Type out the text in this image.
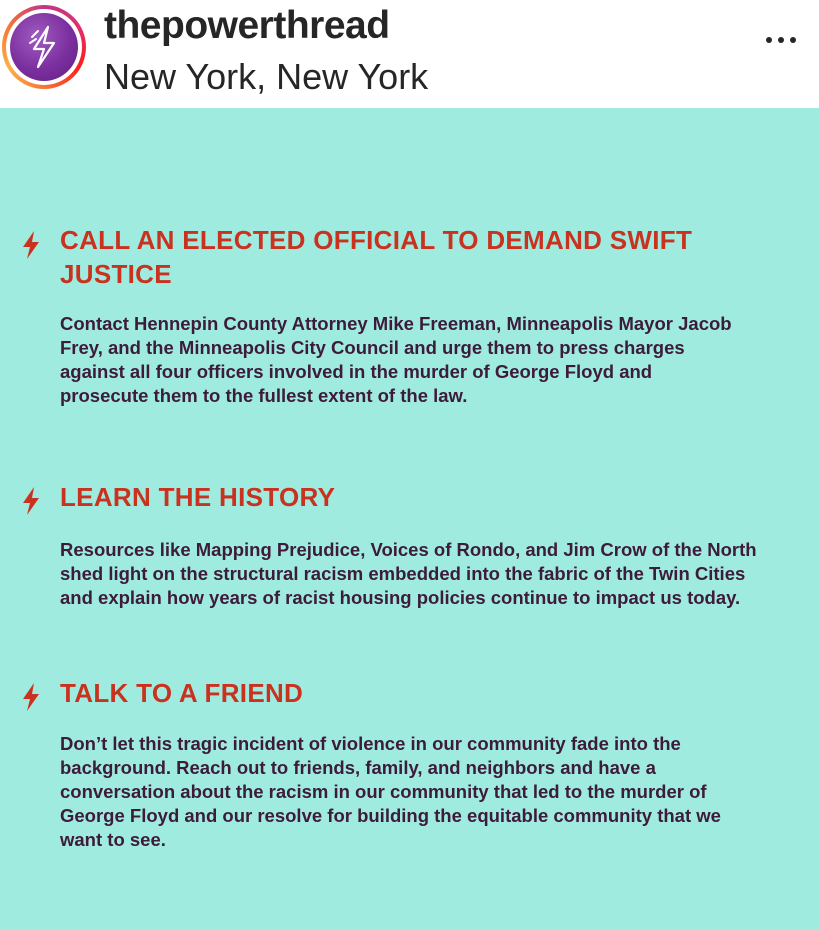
thepowerthread
New York, New York
CALL AN ELECTED OFFICIAL TO DEMAND SWIFT JUSTICE
Contact Hennepin County Attorney Mike Freeman, Minneapolis Mayor Jacob Frey, and the Minneapolis City Council and urge them to press charges against all four officers involved in the murder of George Floyd and prosecute them to the fullest extent of the law.
LEARN THE HISTORY
Resources like Mapping Prejudice, Voices of Rondo, and Jim Crow of the North shed light on the structural racism embedded into the fabric of the Twin Cities and explain how years of racist housing policies continue to impact us today.
TALK TO A FRIEND
Don’t let this tragic incident of violence in our community fade into the background. Reach out to friends, family, and neighbors and have a conversation about the racism in our community that led to the murder of George Floyd and our resolve for building the equitable community that we want to see.
